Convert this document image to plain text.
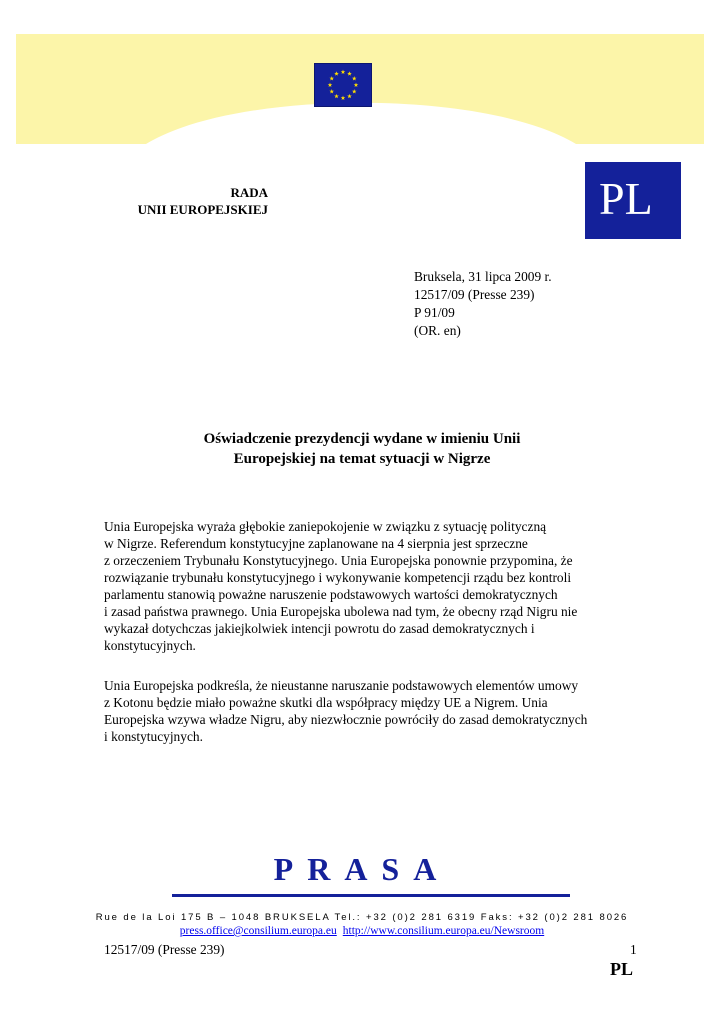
RADA
UNII EUROPEJSKIEJ	PL
Bruksela, 31 lipca 2009 r.
12517/09 (Presse 239)
P 91/09
(OR. en)
Oświadczenie prezydencji wydane w imieniu Unii
Europejskiej na temat sytuacji w Nigrze
Unia Europejska wyraża głębokie zaniepokojenie w związku z sytuację polityczną
w Nigrze. Referendum konstytucyjne zaplanowane na 4 sierpnia jest sprzeczne
z orzeczeniem Trybunału Konstytucyjnego. Unia Europejska ponownie przypomina, że
rozwiązanie trybunału konstytucyjnego i wykonywanie kompetencji rządu bez kontroli
parlamentu stanowią poważne naruszenie podstawowych wartości demokratycznych
i zasad państwa prawnego. Unia Europejska ubolewa nad tym, że obecny rząd Nigru nie
wykazał dotychczas jakiejkolwiek intencji powrotu do zasad demokratycznych i
konstytucyjnych.
Unia Europejska podkreśla, że nieustanne naruszanie podstawowych elementów umowy
z Kotonu będzie miało poważne skutki dla współpracy między UE a Nigrem. Unia
Europejska wzywa władze Nigru, aby niezwłocznie powróciły do zasad demokratycznych
i konstytucyjnych.
PRASA
Rue de la Loi 175 B – 1048 BRUKSELA Tel.: +32 (0)2 281 6319 Faks: +32 (0)2 281 8026
press.office@consilium.europa.eu http://www.consilium.europa.eu/Newsroom
12517/09 (Presse 239)	1
PL
